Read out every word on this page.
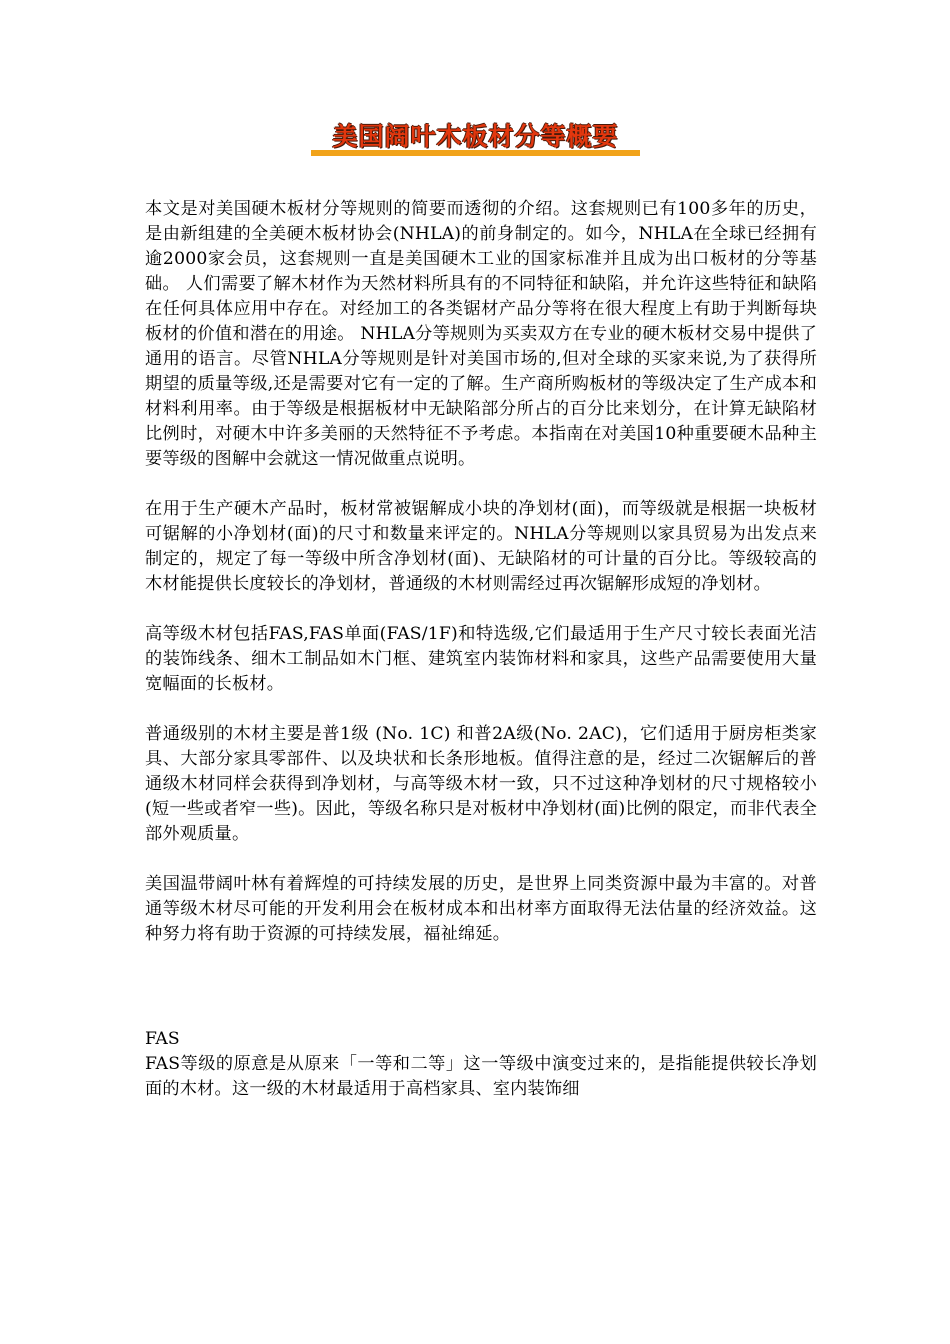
美国阔叶木板材分等概要

本文是对美国硬木板材分等规则的简要而透彻的介绍。这套规则已有100多年的历史，是由新组建的全美硬木板材协会(NHLA)的前身制定的。如今，NHLA在全球已经拥有逾2000家会员，这套规则一直是美国硬木工业的国家标准并且成为出口板材的分等基础。 人们需要了解木材作为天然材料所具有的不同特征和缺陷，并允许这些特征和缺陷在任何具体应用中存在。对经加工的各类锯材产品分等将在很大程度上有助于判断每块板材的价值和潜在的用途。 NHLA分等规则为买卖双方在专业的硬木板材交易中提供了通用的语言。尽管NHLA分等规则是针对美国市场的,但对全球的买家来说,为了获得所期望的质量等级,还是需要对它有一定的了解。生产商所购板材的等级决定了生产成本和材料利用率。由于等级是根据板材中无缺陷部分所占的百分比来划分，在计算无缺陷材比例时，对硬木中许多美丽的天然特征不予考虑。本指南在对美国10种重要硬木品种主要等级的图解中会就这一情况做重点说明。

在用于生产硬木产品时，板材常被锯解成小块的净划材(面)，而等级就是根据一块板材可锯解的小净划材(面)的尺寸和数量来评定的。NHLA分等规则以家具贸易为出发点来制定的，规定了每一等级中所含净划材(面)、无缺陷材的可计量的百分比。等级较高的木材能提供长度较长的净划材，普通级的木材则需经过再次锯解形成短的净划材。

高等级木材包括FAS,FAS单面(FAS/1F)和特选级,它们最适用于生产尺寸较长表面光洁的装饰线条、细木工制品如木门框、建筑室内装饰材料和家具，这些产品需要使用大量宽幅面的长板材。

普通级别的木材主要是普1级 (No. 1C) 和普2A级(No. 2AC)，它们适用于厨房柜类家具、大部分家具零部件、以及块状和长条形地板。值得注意的是，经过二次锯解后的普通级木材同样会获得到净划材，与高等级木材一致，只不过这种净划材的尺寸规格较小(短一些或者窄一些)。因此，等级名称只是对板材中净划材(面)比例的限定，而非代表全部外观质量。

美国温带阔叶林有着辉煌的可持续发展的历史，是世界上同类资源中最为丰富的。对普通等级木材尽可能的开发利用会在板材成本和出材率方面取得无法估量的经济效益。这种努力将有助于资源的可持续发展，福祉绵延。

FAS

FAS等级的原意是从原来「一等和二等」这一等级中演变过来的，是指能提供较长净划面的木材。这一级的木材最适用于高档家具、室内装饰细
